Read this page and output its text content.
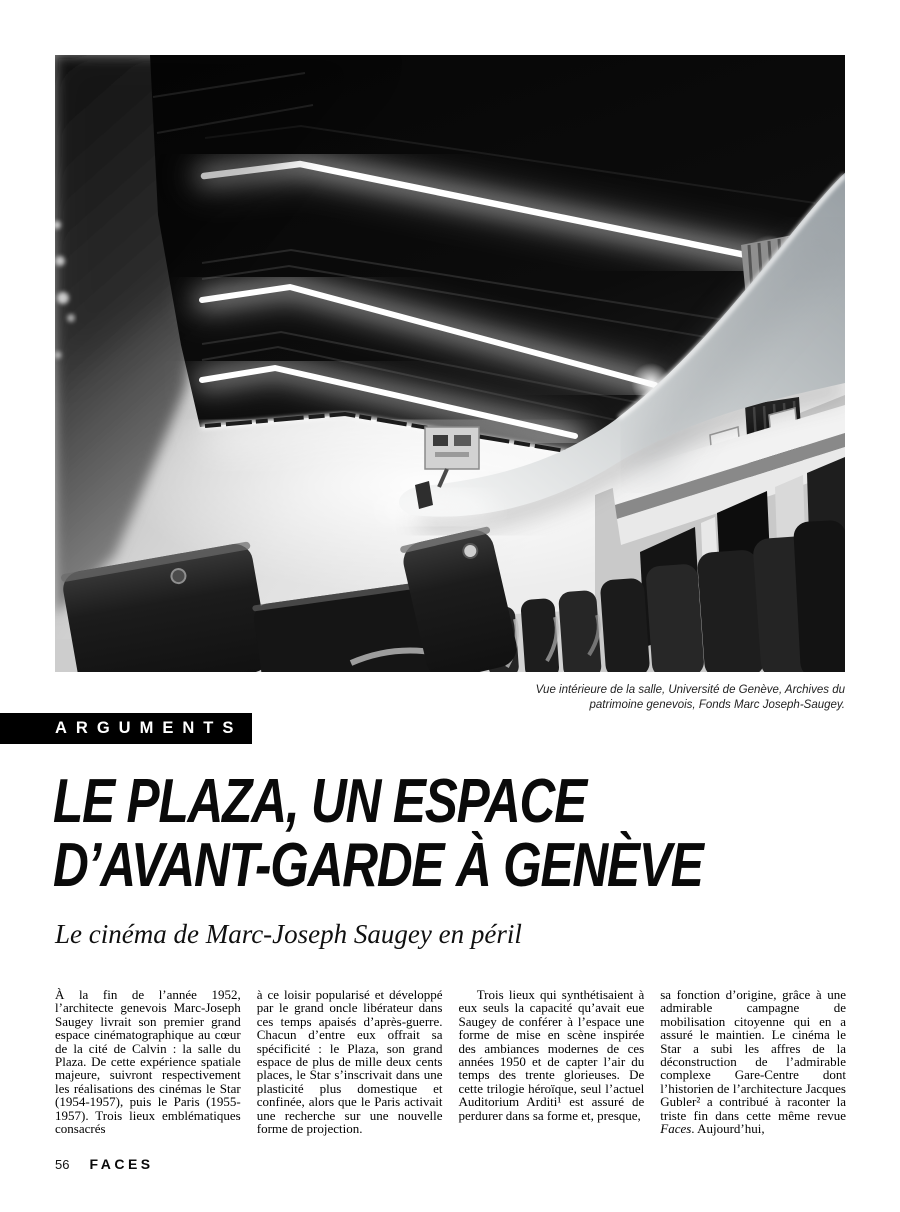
Vue intérieure de la salle, Université de Genève, Archives du
patrimoine genevois, Fonds Marc Joseph-Saugey.
ARGUMENTS
LE PLAZA, UN ESPACE
D’AVANT-GARDE À GENÈVE
Le cinéma de Marc-Joseph Saugey en péril
À la fin de l’année 1952, l’architecte genevois Marc-Joseph Saugey livrait son premier grand espace cinématographique au cœur de la cité de Calvin : la salle du Plaza. De cette expérience spatiale majeure, suivront respectivement les réalisations des cinémas le Star (1954-1957), puis le Paris (1955-1957). Trois lieux emblématiques consacrés
à ce loisir popularisé et développé par le grand oncle libérateur dans ces temps apaisés d’après-guerre. Chacun d’entre eux offrait sa spécificité : le Plaza, son grand espace de plus de mille deux cents places, le Star s’inscrivait dans une plasticité plus domestique et confinée, alors que le Paris activait une recherche sur une nouvelle forme de projection.
Trois lieux qui synthétisaient à eux seuls la capacité qu’avait eue Saugey de conférer à l’espace une forme de mise en scène inspirée des ambiances modernes de ces années 1950 et de capter l’air du temps des trente glorieuses. De cette trilogie héroïque, seul l’actuel Auditorium Arditi¹ est assuré de perdurer dans sa forme et, presque,
sa fonction d’origine, grâce à une admirable campagne de mobilisation citoyenne qui en a assuré le maintien. Le cinéma le Star a subi les affres de la déconstruction de l’admirable complexe Gare-Centre dont l’historien de l’architecture Jacques Gubler² a contribué à raconter la triste fin dans cette même revue Faces. Aujourd’hui,
56 FACES
